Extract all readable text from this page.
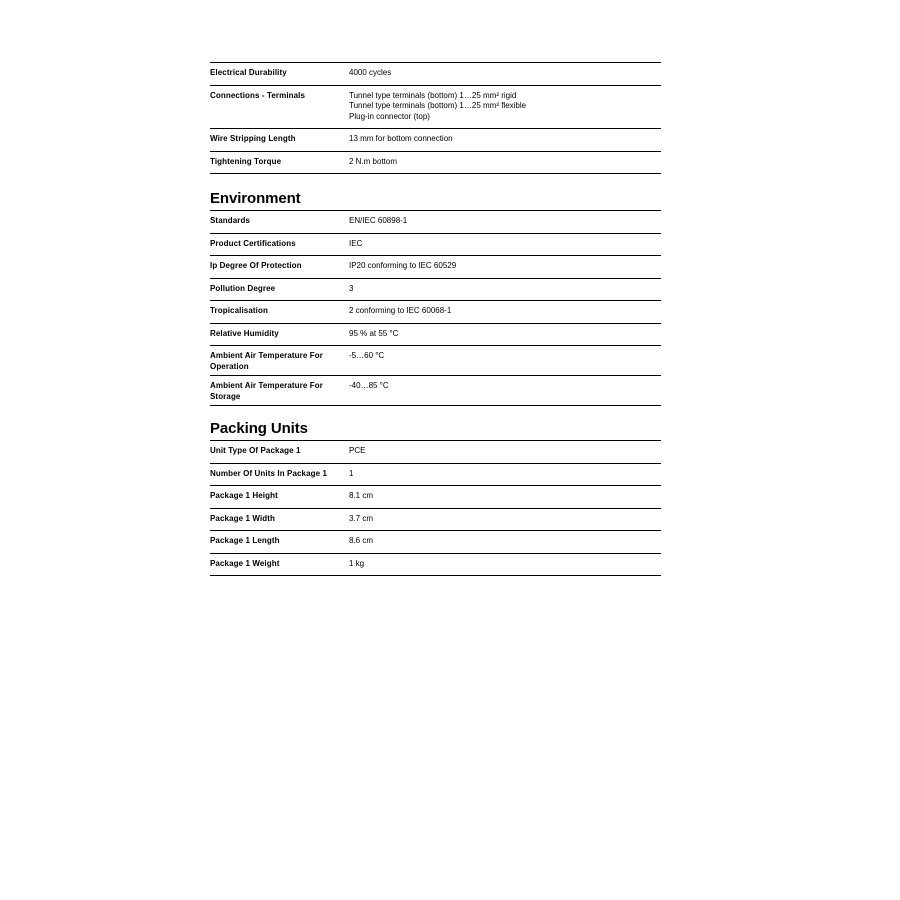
Electrical Durability	4000 cycles

Connections - Terminals	Tunnel type terminals (bottom) 1…25 mm² rigid
Tunnel type terminals (bottom) 1…25 mm² flexible
Plug-in connector (top)

Wire Stripping Length	13 mm for bottom connection

Tightening Torque	2 N.m bottom
Environment
Standards	EN/IEC 60898-1

Product Certifications	IEC

Ip Degree Of Protection	IP20 conforming to IEC 60529

Pollution Degree	3

Tropicalisation	2 conforming to IEC 60068-1

Relative Humidity	95 % at 55 °C

Ambient Air Temperature For Operation	-5…60 °C

Ambient Air Temperature For Storage	-40…85 °C
Packing Units
Unit Type Of Package 1	PCE

Number Of Units In Package 1	1

Package 1 Height	8.1 cm

Package 1 Width	3.7 cm

Package 1 Length	8.6 cm

Package 1 Weight	1 kg
